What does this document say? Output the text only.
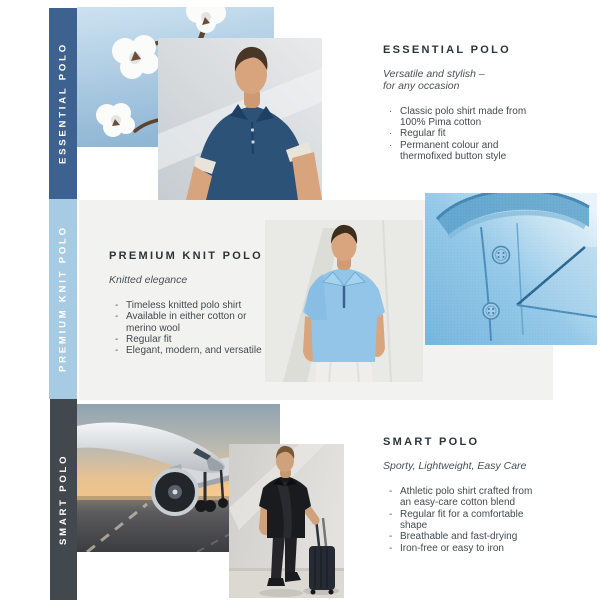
ESSENTIAL POLO	ESSENTIAL POLO
Versatile and stylish –
for any occasion
· Classic polo shirt made from 100% Pima cotton
· Regular fit
· Permanent colour and thermofixed button style
PREMIUM KNIT POLO	PREMIUM KNIT POLO
Knitted elegance
- Timeless knitted polo shirt
- Available in either cotton or merino wool
- Regular fit
- Elegant, modern, and versatile
SMART POLO
SMART POLO
Sporty, Lightweight, Easy Care
- Athletic polo shirt crafted from an easy-care cotton blend
- Regular fit for a comfortable shape
- Breathable and fast-drying
- Iron-free or easy to iron
